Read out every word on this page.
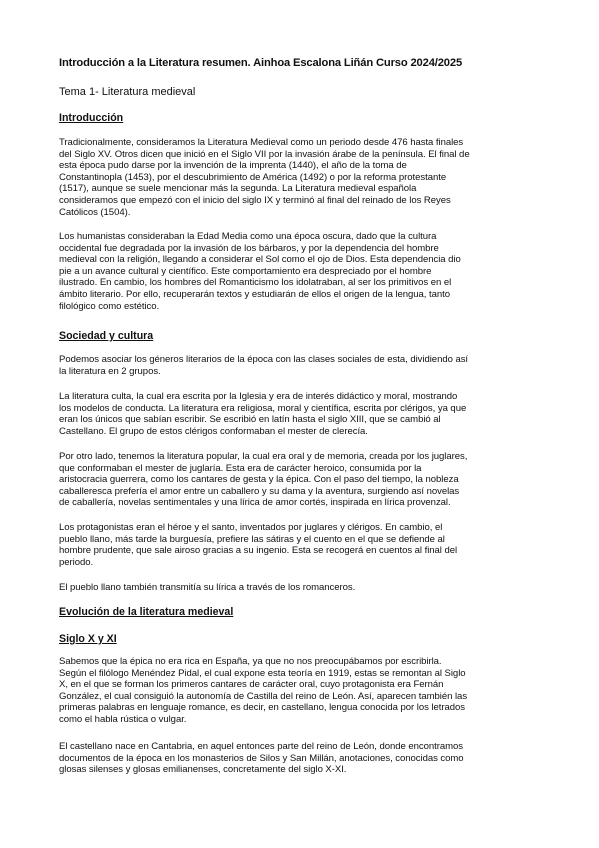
Introducción a la Literatura resumen. Ainhoa Escalona Liñán Curso 2024/2025
Tema 1- Literatura medieval
Introducción
Tradicionalmente, consideramos la Literatura Medieval como un periodo desde 476 hasta finales
del Siglo XV. Otros dicen que inició en el Siglo VII por la invasión árabe de la península. El final de
esta época pudo darse por la invención de la imprenta (1440), el año de la toma de
Constantinopla (1453), por el descubrimiento de América (1492) o por la reforma protestante
(1517), aunque se suele mencionar más la segunda. La Literatura medieval española
consideramos que empezó con el inicio del siglo IX y terminó al final del reinado de los Reyes
Católicos (1504).
Los humanistas consideraban la Edad Media como una época oscura, dado que la cultura
occidental fue degradada por la invasión de los bárbaros, y por la dependencia del hombre
medieval con la religión, llegando a considerar el Sol como el ojo de Dios. Esta dependencia dio
pie a un avance cultural y científico. Este comportamiento era despreciado por el hombre
ilustrado. En cambio, los hombres del Romanticismo los idolatraban, al ser los primitivos en el
ámbito literario. Por ello, recuperarán textos y estudiarán de ellos el origen de la lengua, tanto
filológico como estético.
Sociedad y cultura
Podemos asociar los géneros literarios de la época con las clases sociales de esta, dividiendo así
la literatura en 2 grupos.
La literatura culta, la cual era escrita por la Iglesia y era de interés didáctico y moral, mostrando
los modelos de conducta. La literatura era religiosa, moral y científica, escrita por clérigos, ya que
eran los únicos que sabían escribir. Se escribió en latín hasta el siglo XIII, que se cambió al
Castellano. El grupo de estos clérigos conformaban el mester de clerecía.
Por otro lado, tenemos la literatura popular, la cual era oral y de memoria, creada por los juglares,
que conformaban el mester de juglaría. Esta era de carácter heroico, consumida por la
aristocracia guerrera, como los cantares de gesta y la épica. Con el paso del tiempo, la nobleza
caballeresca prefería el amor entre un caballero y su dama y la aventura, surgiendo así novelas
de caballería, novelas sentimentales y una lírica de amor cortés, inspirada en lírica provenzal.
Los protagonistas eran el héroe y el santo, inventados por juglares y clérigos. En cambio, el
pueblo llano, más tarde la burguesía, prefiere las sátiras y el cuento en el que se defiende al
hombre prudente, que sale airoso gracias a su ingenio. Esta se recogerá en cuentos al final del
periodo.
El pueblo llano también transmitía su lírica a través de los romanceros.
Evolución de la literatura medieval
Siglo X y XI
Sabemos que la épica no era rica en España, ya que no nos preocupábamos por escribirla.
Según el filólogo Menéndez Pidal, el cual expone esta teoría en 1919, estas se remontan al Siglo
X, en el que se forman los primeros cantares de carácter oral, cuyo protagonista era Fernán
González, el cual consiguió la autonomía de Castilla del reino de León. Así, aparecen también las
primeras palabras en lenguaje romance, es decir, en castellano, lengua conocida por los letrados
como el habla rústica o vulgar.
El castellano nace en Cantabria, en aquel entonces parte del reino de León, donde encontramos
documentos de la época en los monasterios de Silos y San Millán, anotaciones, conocidas como
glosas silenses y glosas emilianenses, concretamente del siglo X-XI.
